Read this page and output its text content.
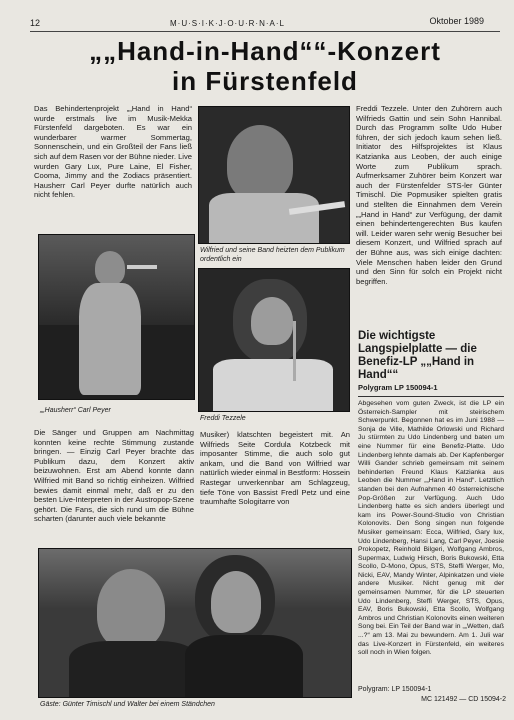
12	M·U·S·I·K·J·O·U·R·N·A·L	Oktober 1989
„„Hand-in-Hand““-Konzert
in Fürstenfeld
Das Behindertenprojekt „„Hand in Hand“ wurde erstmals live im Musik-Mekka Fürstenfeld dargeboten. Es war ein wunderbarer warmer Sommertag, Sonnenschein, und ein Großteil der Fans ließ sich auf dem Rasen vor der Bühne nieder. Live wurden Gary Lux, Pure Laine, El Fisher, Cooma, Jimmy and the Zodiacs präsentiert. Hausherr Carl Peyer durfte natürlich auch nicht fehlen.
„„Hausherr“ Carl Peyer
Die Sänger und Gruppen am Nachmittag konnten keine rechte Stimmung zustande bringen. — Einzig Carl Peyer brachte das Publikum dazu, dem Konzert aktiv beizuwohnen. Erst am Abend konnte dann Wilfried mit Band so richtig einheizen. Wilfried bewies damit einmal mehr, daß er zu den besten Live-Interpreten in der Austropop-Szene gehört. Die Fans, die sich rund um die Bühne scharten (darunter auch viele bekannte
Wilfried und seine Band heizten dem Publikum ordentlich ein
Freddi Tezzele
Musiker) klatschten begeistert mit. An Wilfrieds Seite Cordula Kotzbeck mit imposanter Stimme, die auch solo gut ankam, und die Band von Wilfried war natürlich wieder einmal in Bestform: Hossein Rastegar unverkennbar am Schlagzeug, tiefe Töne von Bassist Fredl Petz und eine traumhafte Sologitarre von
Freddi Tezzele. Unter den Zuhörern auch Wilfrieds Gattin und sein Sohn Hannibal. Durch das Programm sollte Udo Huber führen, der sich jedoch kaum sehen ließ. Initiator des Hilfsprojektes ist Klaus Katzianka aus Leoben, der auch einige Worte zum Publikum sprach. Aufmerksamer Zuhörer beim Konzert war auch der Fürstenfelder STS-ler Günter Timischl. Die Popmusiker spielten gratis und stellten die Einnahmen dem Verein „„Hand in Hand“ zur Verfügung, der damit einen behindertengerechten Bus kaufen will. Leider waren sehr wenig Besucher bei diesem Konzert, und Wilfried sprach auf der Bühne aus, was sich einige dachten: Viele Menschen haben leider den Grund und den Sinn für solch ein Projekt nicht begriffen.
Die wichtigste Langspielplatte — die Benefiz-LP „„Hand in Hand““
Polygram LP 150094-1
Abgesehen vom guten Zweck, ist die LP ein Österreich-Sampler mit steirischem Schwerpunkt. Begonnen hat es im Juni 1988 — Sonja de Ville, Mathilde Orlowski und Richard Ju stürmten zu Udo Lindenberg und baten um eine Nummer für eine Benefiz-Platte. Udo Lindenberg lehnte damals ab. Der Kapfenberger Willi Gander schrieb gemeinsam mit seinem behinderten Freund Klaus Katzianka aus Leoben die Nummer „„Hand in Hand“. Letztlich standen bei den Aufnahmen 40 österreichische Pop-Größen zur Verfügung. Auch Udo Lindenberg hatte es sich anders überlegt und kam ins Power-Sound-Studio von Christian Kolonovits. Den Song singen nun folgende Musiker gemeinsam: Ecca, Wilfried, Gary lux, Udo Lindenberg, Hansi Lang, Carl Peyer, Joesie Prokopetz, Reinhold Bilgeri, Wolfgang Ambros, Supermax, Ludwig Hirsch, Boris Bukowski, Etta Scollo, D-Mono, Opus, STS, Steffi Werger, Mo, Nicki, EAV, Mandy Winter, Alpinkatzen und viele andere Musiker. Nicht genug mit der gemeinsamen Nummer, für die LP steuerten Udo Lindenberg, Steffi Werger, STS, Opus, EAV, Boris Bukowski, Etta Scollo, Wolfgang Ambros und Christian Kolonovits einen weiteren Song bei. Ein Teil der Band war in „„Wetten, daß ...?“ am 13. Mai zu bewundern. Am 1. Juli war das Live-Konzert in Fürstenfeld, ein weiteres soll noch in Wien folgen.
Polygram: LP 150094-1
MC 121492 — CD 15094-2
Gäste: Günter Timischl und Walter bei einem Ständchen
